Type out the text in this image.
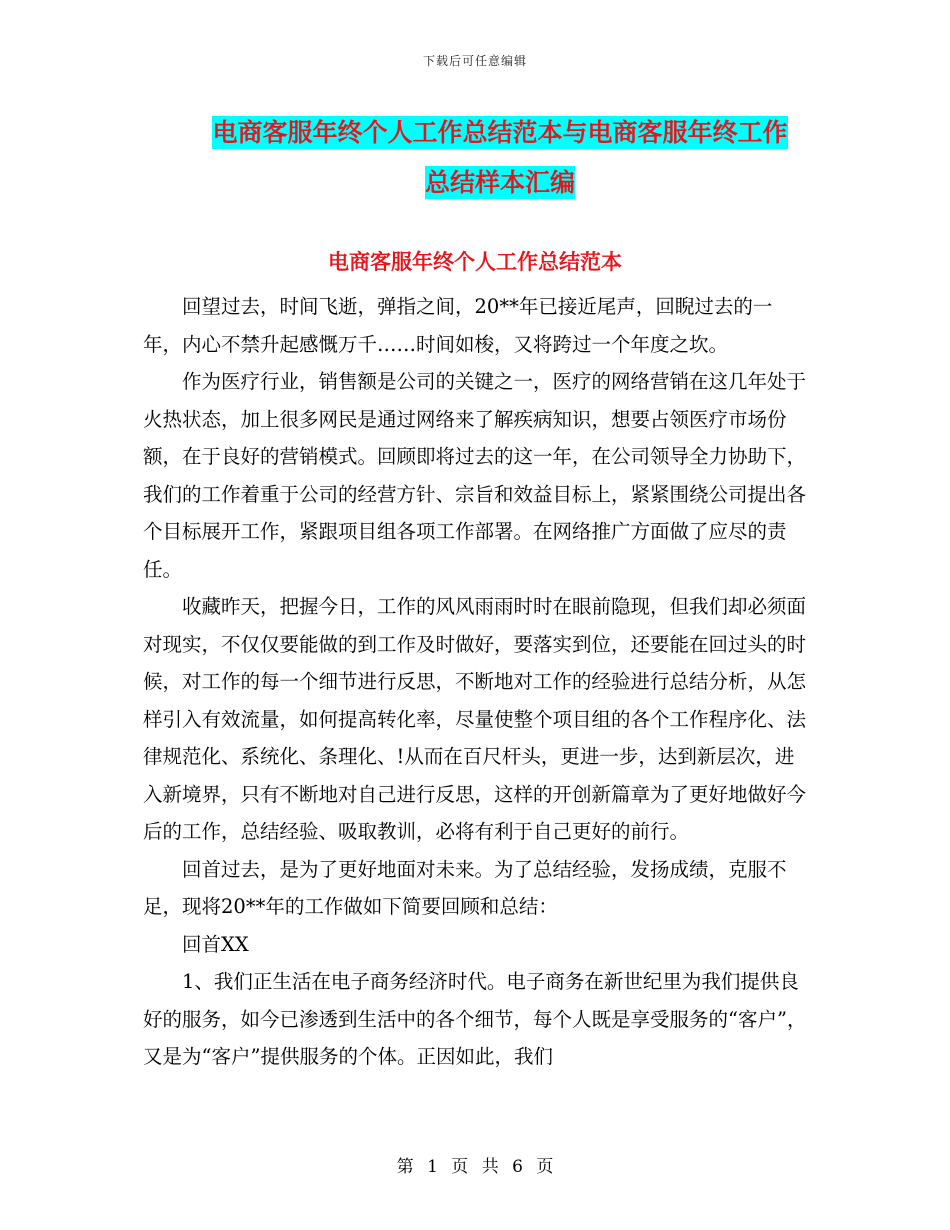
下载后可任意编辑
电商客服年终个人工作总结范本与电商客服年终工作
总结样本汇编
电商客服年终个人工作总结范本

回望过去，时间飞逝，弹指之间，20**年已接近尾声，回睨过去的一年，内心不禁升起感慨万千……时间如梭，又将跨过一个年度之坎。

作为医疗行业，销售额是公司的关键之一，医疗的网络营销在这几年处于火热状态，加上很多网民是通过网络来了解疾病知识，想要占领医疗市场份额，在于良好的营销模式。回顾即将过去的这一年，在公司领导全力协助下，我们的工作着重于公司的经营方针、宗旨和效益目标上，紧紧围绕公司提出各个目标展开工作，紧跟项目组各项工作部署。在网络推广方面做了应尽的责任。

收藏昨天，把握今日，工作的风风雨雨时时在眼前隐现，但我们却必须面对现实，不仅仅要能做的到工作及时做好，要落实到位，还要能在回过头的时候，对工作的每一个细节进行反思，不断地对工作的经验进行总结分析，从怎样引入有效流量，如何提高转化率，尽量使整个项目组的各个工作程序化、法律规范化、系统化、条理化、!从而在百尺杆头，更进一步，达到新层次，进入新境界，只有不断地对自己进行反思，这样的开创新篇章为了更好地做好今后的工作，总结经验、吸取教训，必将有利于自己更好的前行。

回首过去，是为了更好地面对未来。为了总结经验，发扬成绩，克服不足，现将20**年的工作做如下简要回顾和总结：

回首XX

1、我们正生活在电子商务经济时代。电子商务在新世纪里为我们提供良好的服务，如今已渗透到生活中的各个细节，每个人既是享受服务的“客户”，又是为“客户”提供服务的个体。正因如此，我们

第 1 页 共 6 页
